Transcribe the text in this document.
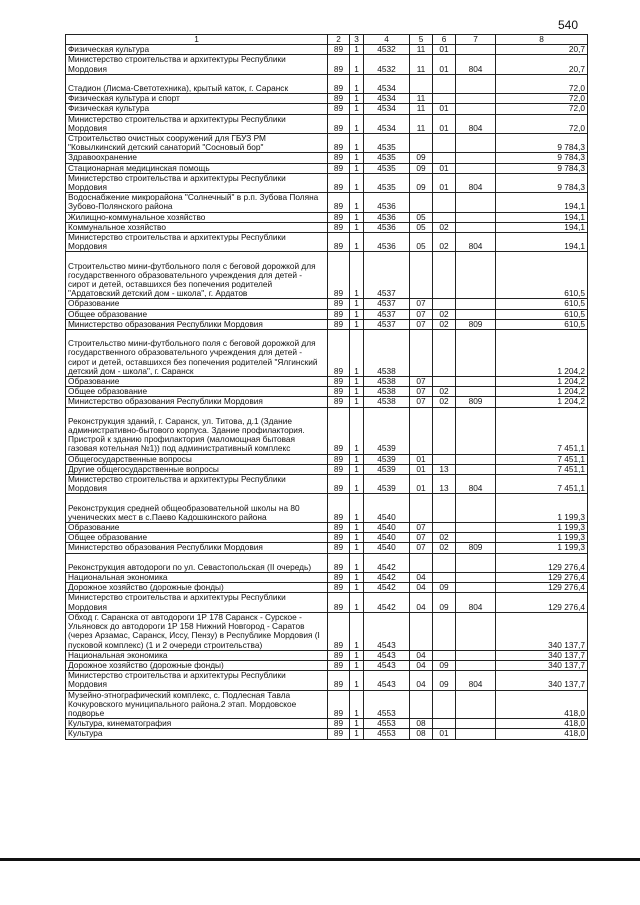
540
1	2	3	4	5	6	7	8
Физическая культура	89	1	4532	11	01		20,7
Министерство строительства и архитектуры Республики Мордовия	89	1	4532	11	01	804	20,7
Стадион (Лисма-Светотехника), крытый каток, г. Саранск	89	1	4534				72,0
Физическая культура и спорт	89	1	4534	11			72,0
Физическая культура	89	1	4534	11	01		72,0
Министерство строительства и архитектуры Республики Мордовия	89	1	4534	11	01	804	72,0
Строительство очистных сооружений для ГБУЗ РМ "Ковылкинский детский санаторий "Сосновый бор"	89	1	4535				9 784,3
Здравоохранение	89	1	4535	09			9 784,3
Стационарная медицинская помощь	89	1	4535	09	01		9 784,3
Министерство строительства и архитектуры Республики Мордовия	89	1	4535	09	01	804	9 784,3
Водоснабжение микрорайона "Солнечный" в р.п. Зубова Поляна Зубово-Полянского района	89	1	4536				194,1
Жилищно-коммунальное хозяйство	89	1	4536	05			194,1
Коммунальное хозяйство	89	1	4536	05	02		194,1
Министерство строительства и архитектуры Республики Мордовия	89	1	4536	05	02	804	194,1
Строительство мини-футбольного поля с беговой дорожкой для государственного образовательного учреждения для детей - сирот и детей, оставшихся без попечения родителей "Ардатовский детский дом - школа", г. Ардатов	89	1	4537				610,5
Образование	89	1	4537	07			610,5
Общее образование	89	1	4537	07	02		610,5
Министерство образования Республики Мордовия	89	1	4537	07	02	809	610,5
Строительство мини-футбольного поля с беговой дорожкой для государственного образовательного учреждения для детей - сирот и детей, оставшихся без попечения родителей "Ялгинский детский дом - школа", г. Саранск	89	1	4538				1 204,2
Образование	89	1	4538	07			1 204,2
Общее образование	89	1	4538	07	02		1 204,2
Министерство образования Республики Мордовия	89	1	4538	07	02	809	1 204,2
Реконструкция зданий, г. Саранск, ул. Титова, д.1 (Здание административно-бытового корпуса. Здание профилактория. Пристрой к зданию профилактория (маломощная бытовая газовая котельная №1)) под административный комплекс	89	1	4539				7 451,1
Общегосударственные вопросы	89	1	4539	01			7 451,1
Другие общегосударственные вопросы	89	1	4539	01	13		7 451,1
Министерство строительства и архитектуры Республики Мордовия	89	1	4539	01	13	804	7 451,1
Реконструкция средней общеобразовательной школы на 80 ученических мест в с.Паево Кадошкинского района	89	1	4540				1 199,3
Образование	89	1	4540	07			1 199,3
Общее образование	89	1	4540	07	02		1 199,3
Министерство образования Республики Мордовия	89	1	4540	07	02	809	1 199,3
Реконструкция автодороги по ул. Севастопольская (II очередь)	89	1	4542				129 276,4
Национальная экономика	89	1	4542	04			129 276,4
Дорожное хозяйство (дорожные фонды)	89	1	4542	04	09		129 276,4
Министерство строительства и архитектуры Республики Мордовия	89	1	4542	04	09	804	129 276,4
Обход г. Саранска от автодороги 1Р 178 Саранск - Сурское - Ульяновск до автодороги 1Р 158 Нижний Новгород - Саратов (через Арзамас, Саранск, Иссу, Пензу) в Республике Мордовия (I пусковой комплекс) (1 и 2 очереди строительства)	89	1	4543				340 137,7
Национальная экономика	89	1	4543	04			340 137,7
Дорожное хозяйство (дорожные фонды)	89	1	4543	04	09		340 137,7
Министерство строительства и архитектуры Республики Мордовия	89	1	4543	04	09	804	340 137,7
Музейно-этнографический комплекс, с. Подлесная Тавла Кочкуровского муниципального района.2 этап. Мордовское подворье	89	1	4553				418,0
Культура, кинематография	89	1	4553	08			418,0
Культура	89	1	4553	08	01		418,0
